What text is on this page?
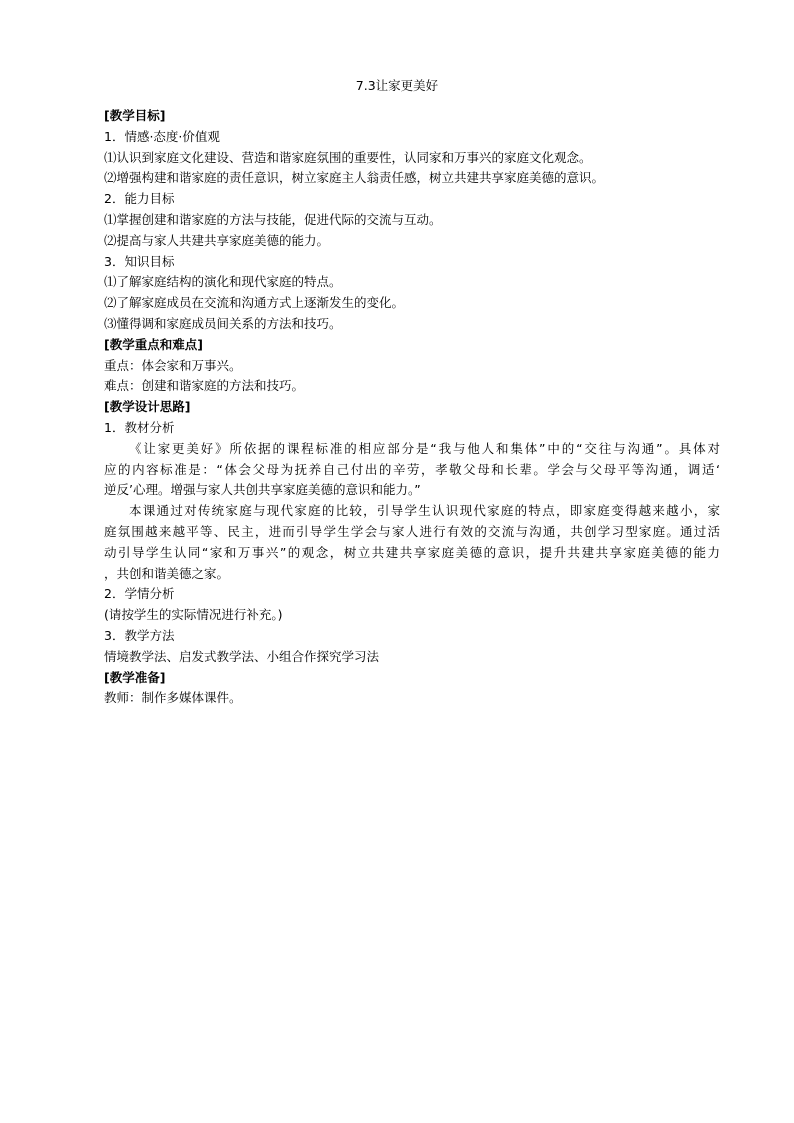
7.3让家更美好
[教学目标]
1．情感·态度·价值观
⑴认识到家庭文化建设、营造和谐家庭氛围的重要性，认同家和万事兴的家庭文化观念。
⑵增强构建和谐家庭的责任意识，树立家庭主人翁责任感，树立共建共享家庭美德的意识。
2．能力目标
⑴掌握创建和谐家庭的方法与技能，促进代际的交流与互动。
⑵提高与家人共建共享家庭美德的能力。
3．知识目标
⑴了解家庭结构的演化和现代家庭的特点。
⑵了解家庭成员在交流和沟通方式上逐渐发生的变化。
⑶懂得调和家庭成员间关系的方法和技巧。
[教学重点和难点]
重点：体会家和万事兴。
难点：创建和谐家庭的方法和技巧。
[教学设计思路]
1．教材分析
《让家更美好》所依据的课程标准的相应部分是“我与他人和集体”中的“交往与沟通”。具体对
应的内容标准是：“体会父母为抚养自己付出的辛劳，孝敬父母和长辈。学会与父母平等沟通，调适‘
逆反’心理。增强与家人共创共享家庭美德的意识和能力。”
本课通过对传统家庭与现代家庭的比较，引导学生认识现代家庭的特点，即家庭变得越来越小，家
庭氛围越来越平等、民主，进而引导学生学会与家人进行有效的交流与沟通，共创学习型家庭。通过活
动引导学生认同“家和万事兴”的观念，树立共建共享家庭美德的意识，提升共建共享家庭美德的能力
，共创和谐美德之家。
2．学情分析
(请按学生的实际情况进行补充。)
3．教学方法
情境教学法、启发式教学法、小组合作探究学习法
[教学准备]
教师：制作多媒体课件。
